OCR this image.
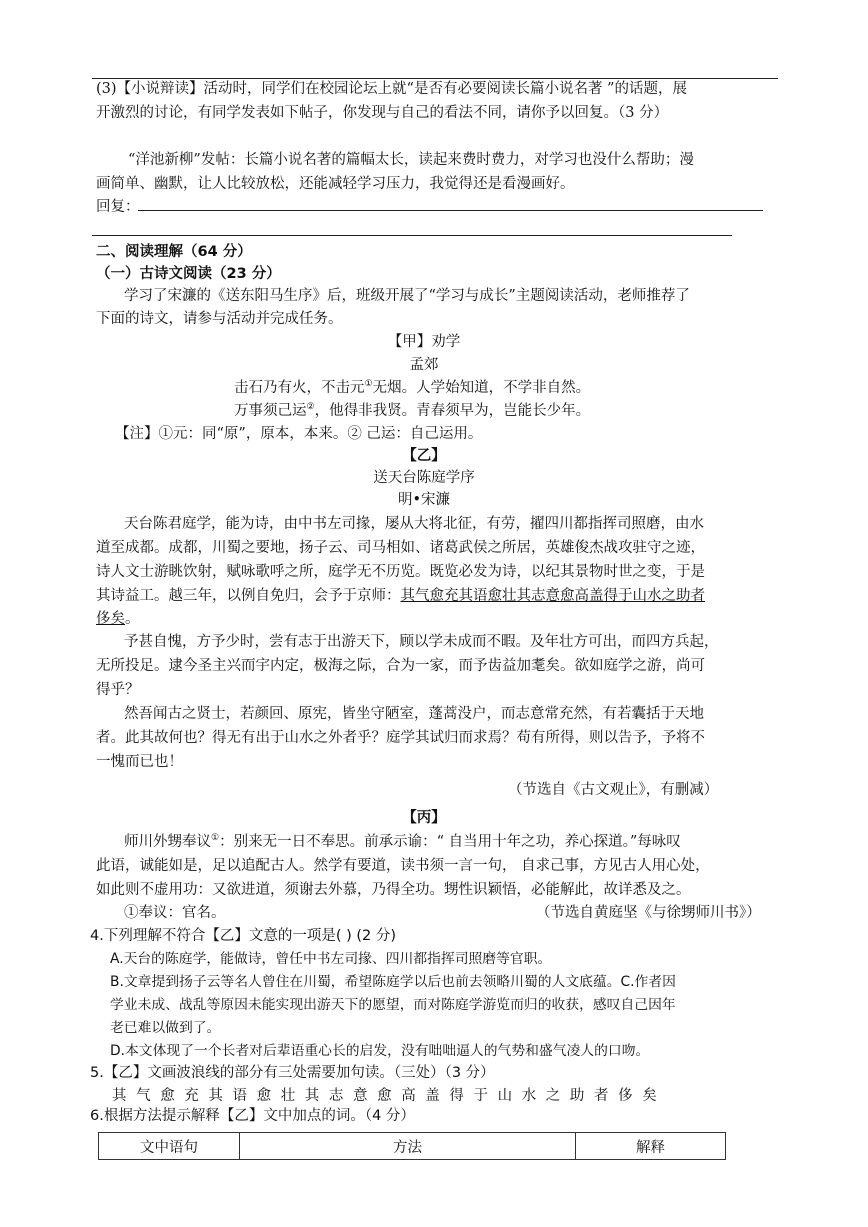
(3)【小说辩读】活动时，同学们在校园论坛上就“是否有必要阅读长篇小说名著 ”的话题，展
开激烈的讨论，有同学发表如下帖子，你发现与自己的看法不同，请你予以回复。（3 分）
“洋池新柳”发帖：长篇小说名著的篇幅太长，读起来费时费力，对学习也没什么帮助；漫
画简单、幽默，让人比较放松，还能减轻学习压力，我觉得还是看漫画好。
回复：
二、阅读理解（64 分）
（一）古诗文阅读（23 分）
学习了宋濂的《送东阳马生序》后，班级开展了“学习与成长”主题阅读活动，老师推荐了
下面的诗文，请参与活动并完成任务。
【甲】劝学
孟郊
击石乃有火，不击元①无烟。人学始知道，不学非自然。
万事须己运②，他得非我贤。青春须早为，岂能长少年。
【注】①元：同“原”，原本，本来。② 己运：自己运用。
【乙】
送天台陈庭学序
明•宋濂
天台陈君庭学，能为诗，由中书左司掾，屡从大将北征，有劳，擢四川都指挥司照磨，由水
道至成都。成都，川蜀之要地，扬子云、司马相如、诸葛武侯之所居，英雄俊杰战攻驻守之迹，
诗人文士游眺饮射，赋咏歌呼之所，庭学无不历览。既览必发为诗，以纪其景物时世之变，于是
其诗益工。越三年，以例自免归，会予于京师：其气愈充其语愈壮其志意愈高盖得于山水之助者
侈矣。
予甚自愧，方予少时，尝有志于出游天下，顾以学未成而不暇。及年壮方可出，而四方兵起，
无所投足。逮今圣主兴而宇内定，极海之际，合为一家，而予齿益加耄矣。欲如庭学之游，尚可
得乎？
然吾闻古之贤士，若颜回、原宪，皆坐守陋室，蓬蒿没户，而志意常充然，有若囊括于天地
者。此其故何也？得无有出于山水之外者乎？庭学其试归而求焉？苟有所得，则以告予，予将不
一愧而已也！
（节选自《古文观止》，有删减）
【丙】
师川外甥奉议①：别来无一日不奉思。前承示谕：“ 自当用十年之功，养心探道。”每咏叹
此语，诚能如是，足以追配古人。然学有要道，读书须一言一句， 自求己事，方见古人用心处，
如此则不虚用功：又欲进道，须谢去外慕，乃得全功。甥性识颖悟，必能解此，故详悉及之。
①奉议：官名。	（节选自黄庭坚《与徐甥师川书》）
4.下列理解不符合【乙】文意的一项是( ) (2 分)
A.天台的陈庭学，能做诗，曾任中书左司掾、四川都指挥司照磨等官职。
B.文章提到扬子云等名人曾住在川蜀，希望陈庭学以后也前去领略川蜀的人文底蕴。C.作者因
学业未成、战乱等原因未能实现出游天下的愿望，而对陈庭学游览而归的收获，感叹自己因年
老已难以做到了。
D.本文体现了一个长者对后辈语重心长的启发，没有咄咄逼人的气势和盛气凌人的口吻。
5.【乙】文画波浪线的部分有三处需要加句读。（三处）（3 分）
其气愈充其语愈壮其志意愈高盖得于山水之助者侈矣
6.根据方法提示解释【乙】文中加点的词。（4 分）
文中语句	方法	解释
